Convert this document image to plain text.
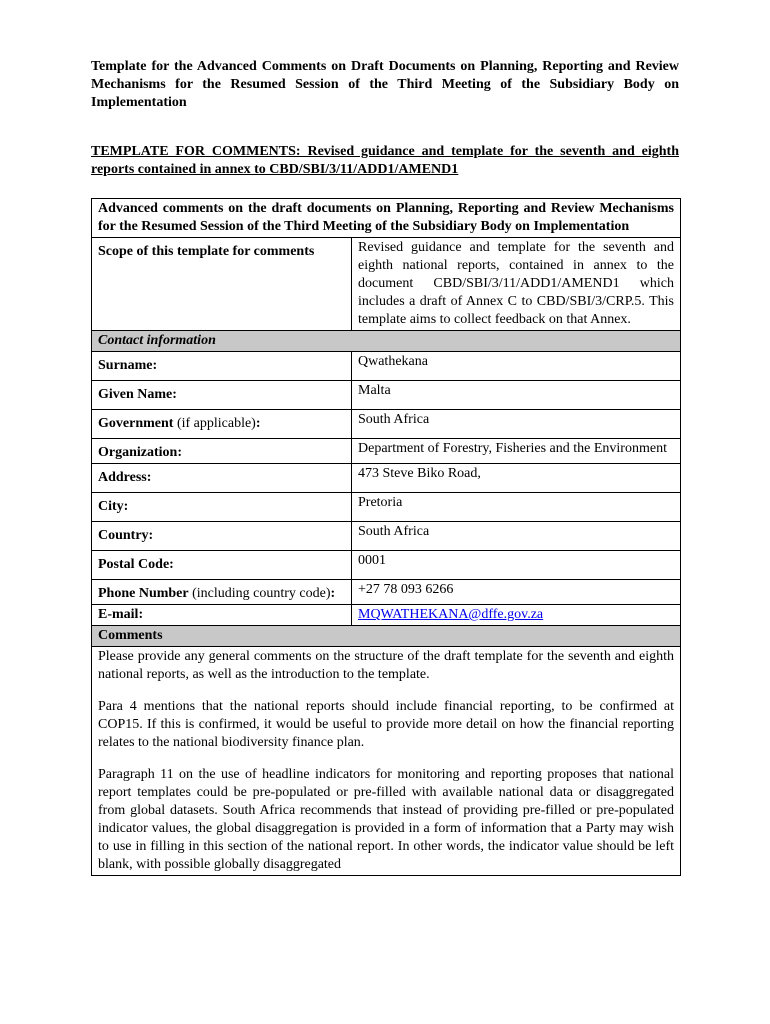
Template for the Advanced Comments on Draft Documents on Planning, Reporting and Review Mechanisms for the Resumed Session of the Third Meeting of the Subsidiary Body on Implementation

TEMPLATE FOR COMMENTS: Revised guidance and template for the seventh and eighth reports contained in annex to CBD/SBI/3/11/ADD1/AMEND1

Advanced comments on the draft documents on Planning, Reporting and Review Mechanisms for the Resumed Session of the Third Meeting of the Subsidiary Body on Implementation	
Scope of this template for comments	Revised guidance and template for the seventh and eighth national reports, contained in annex to the document CBD/SBI/3/11/ADD1/AMEND1 which includes a draft of Annex C to CBD/SBI/3/CRP.5. This template aims to collect feedback on that Annex.
Contact information	
Surname:	Qwathekana
Given Name:	Malta
Government (if applicable):	South Africa
Organization:	Department of Forestry, Fisheries and the Environment
Address:	473 Steve Biko Road,
City:	Pretoria
Country:	South Africa
Postal Code:	0001
Phone Number (including country code):	+27 78 093 6266
E-mail:	MQWATHEKANA@dffe.gov.za
Comments	

Please provide any general comments on the structure of the draft template for the seventh and eighth national reports, as well as the introduction to the template.

Para 4 mentions that the national reports should include financial reporting, to be confirmed at COP15. If this is confirmed, it would be useful to provide more detail on how the financial reporting relates to the national biodiversity finance plan.

Paragraph 11 on the use of headline indicators for monitoring and reporting proposes that national report templates could be pre-populated or pre-filled with available national data or disaggregated from global datasets. South Africa recommends that instead of providing pre-filled or pre-populated indicator values, the global disaggregation is provided in a form of information that a Party may wish to use in filling in this section of the national report. In other words, the indicator value should be left blank, with possible globally disaggregated	
